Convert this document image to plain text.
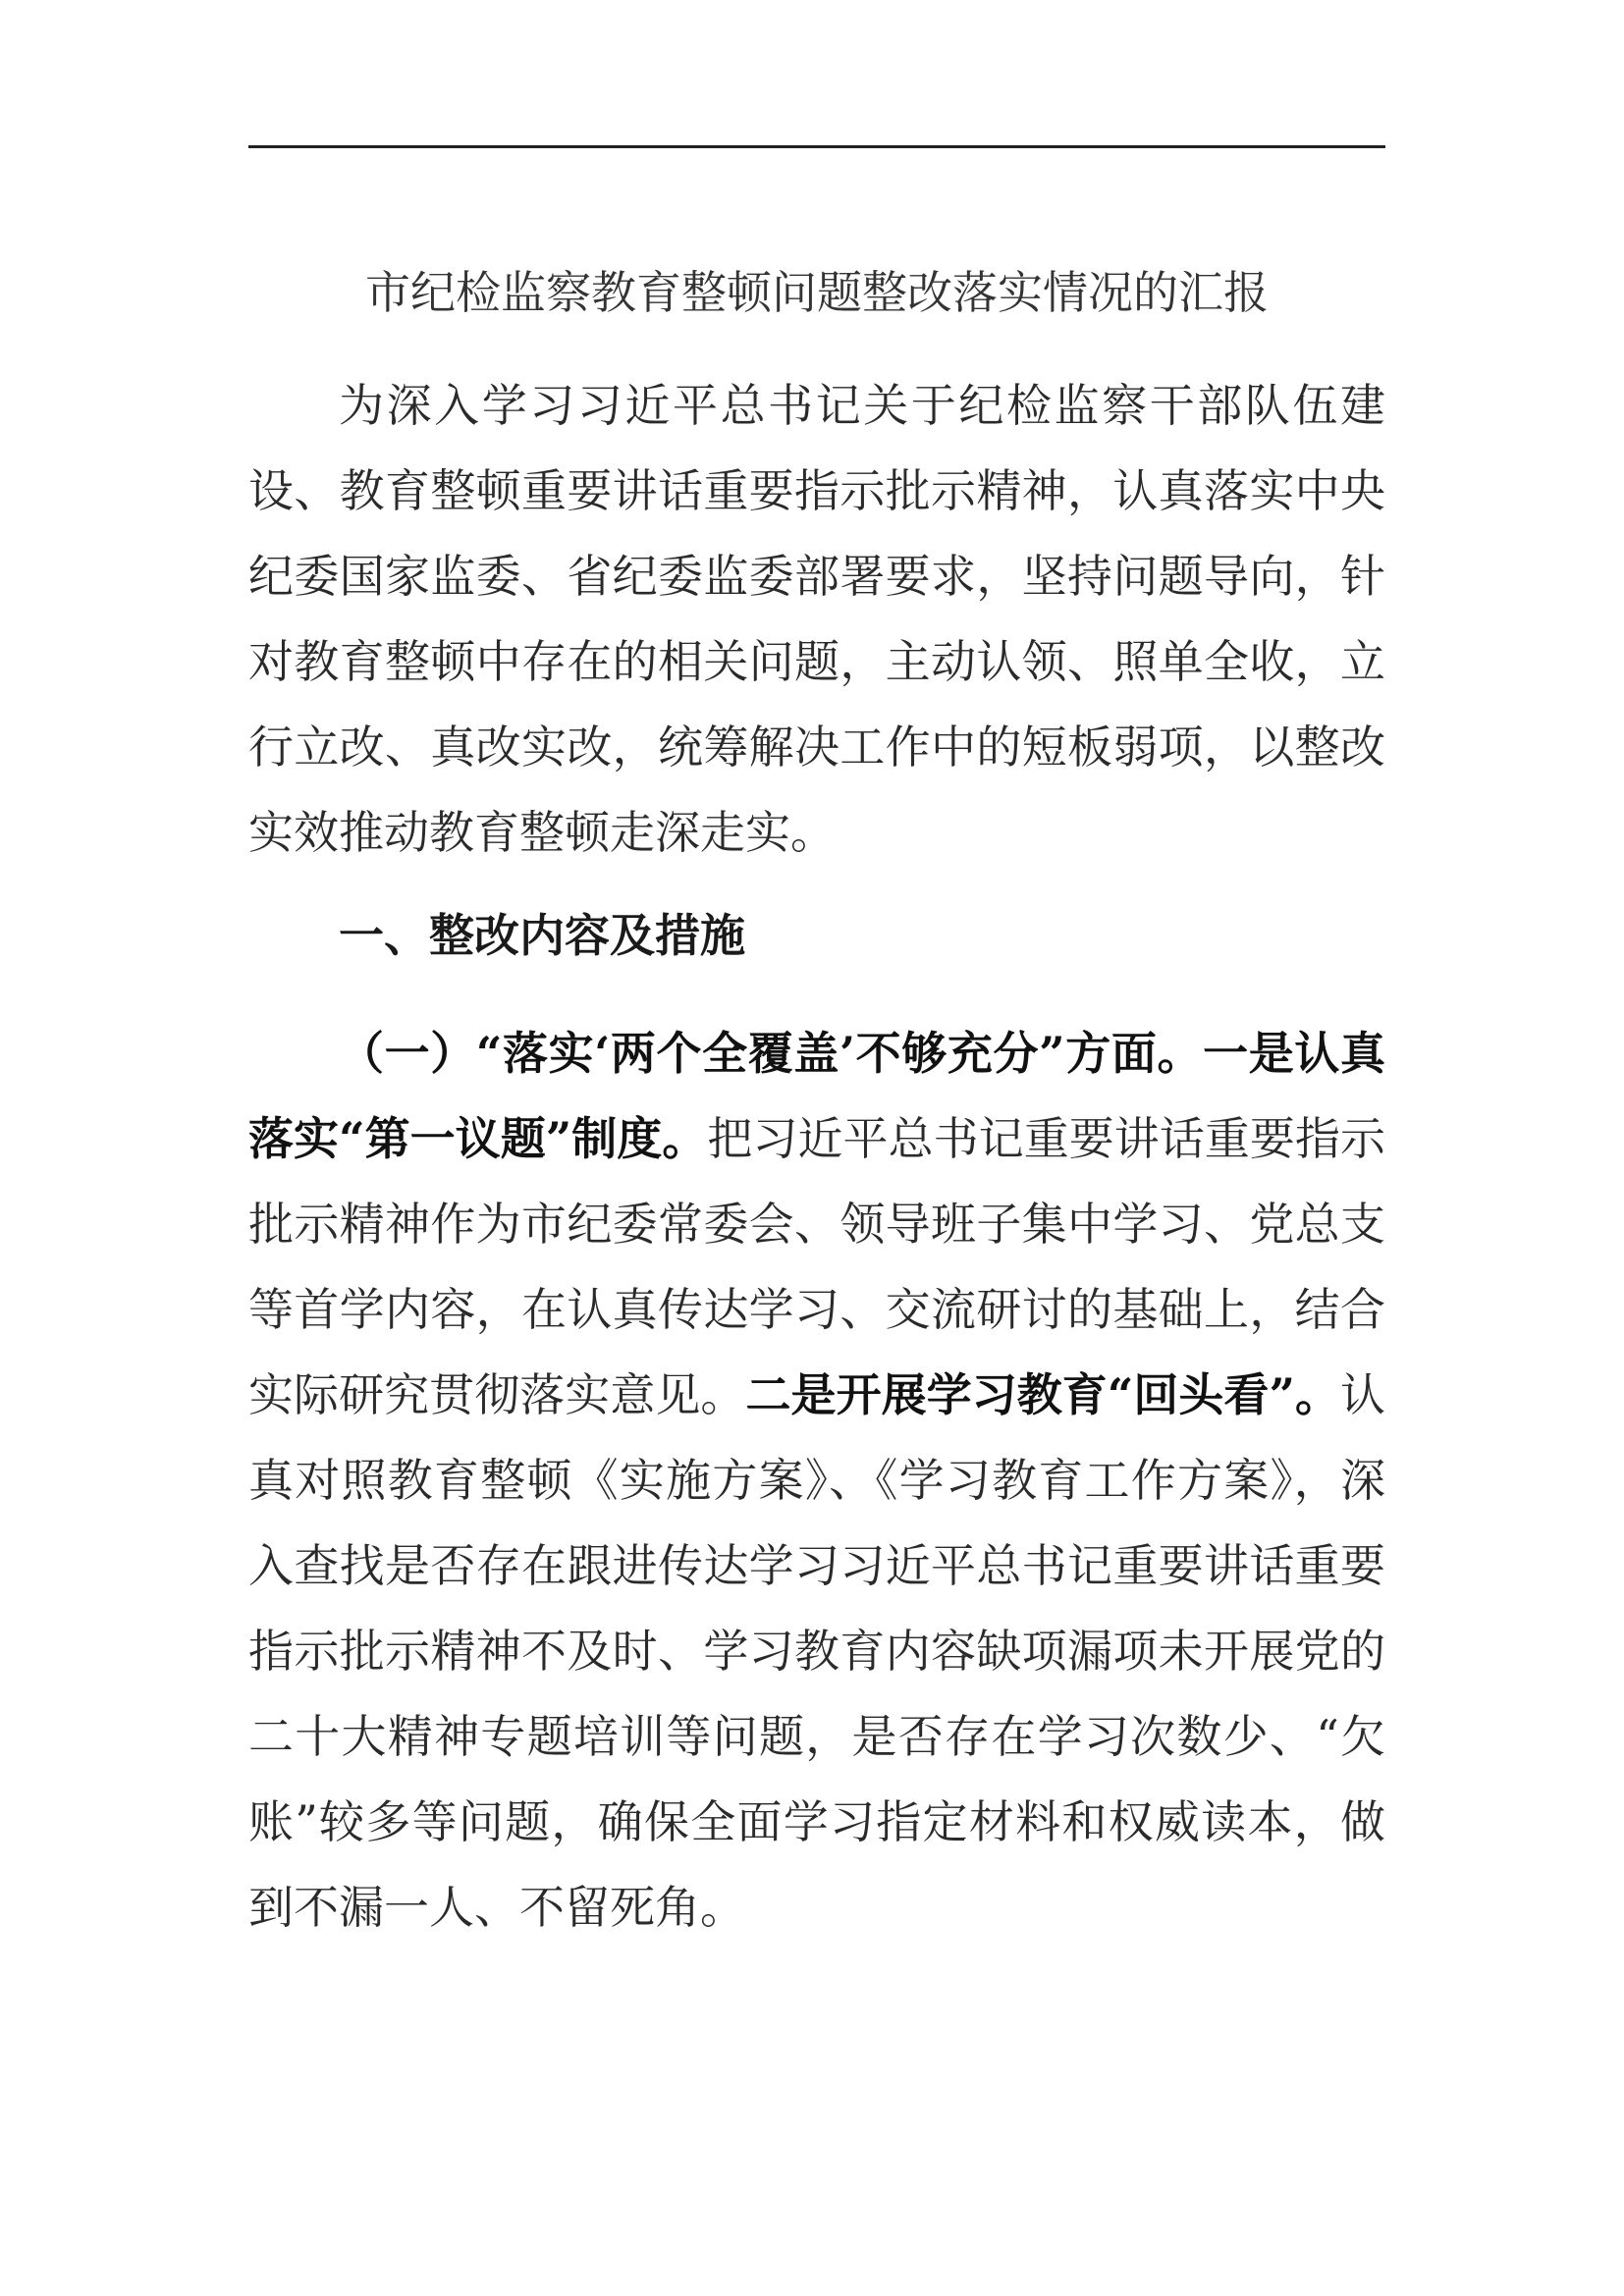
市纪检监察教育整顿问题整改落实情况的汇报
为深入学习习近平总书记关于纪检监察干部队伍建设、教育整顿重要讲话重要指示批示精神，认真落实中央纪委国家监委、省纪委监委部署要求，坚持问题导向，针对教育整顿中存在的相关问题，主动认领、照单全收，立行立改、真改实改，统筹解决工作中的短板弱项，以整改实效推动教育整顿走深走实。
一、整改内容及措施
（一）“落实‘两个全覆盖’不够充分”方面。一是认真落实“第一议题”制度。把习近平总书记重要讲话重要指示批示精神作为市纪委常委会、领导班子集中学习、党总支等首学内容，在认真传达学习、交流研讨的基础上，结合实际研究贯彻落实意见。二是开展学习教育“回头看”。认真对照教育整顿《实施方案》、《学习教育工作方案》，深入查找是否存在跟进传达学习习近平总书记重要讲话重要指示批示精神不及时、学习教育内容缺项漏项未开展党的二十大精神专题培训等问题，是否存在学习次数少、“欠账”较多等问题，确保全面学习指定材料和权威读本，做到不漏一人、不留死角。
